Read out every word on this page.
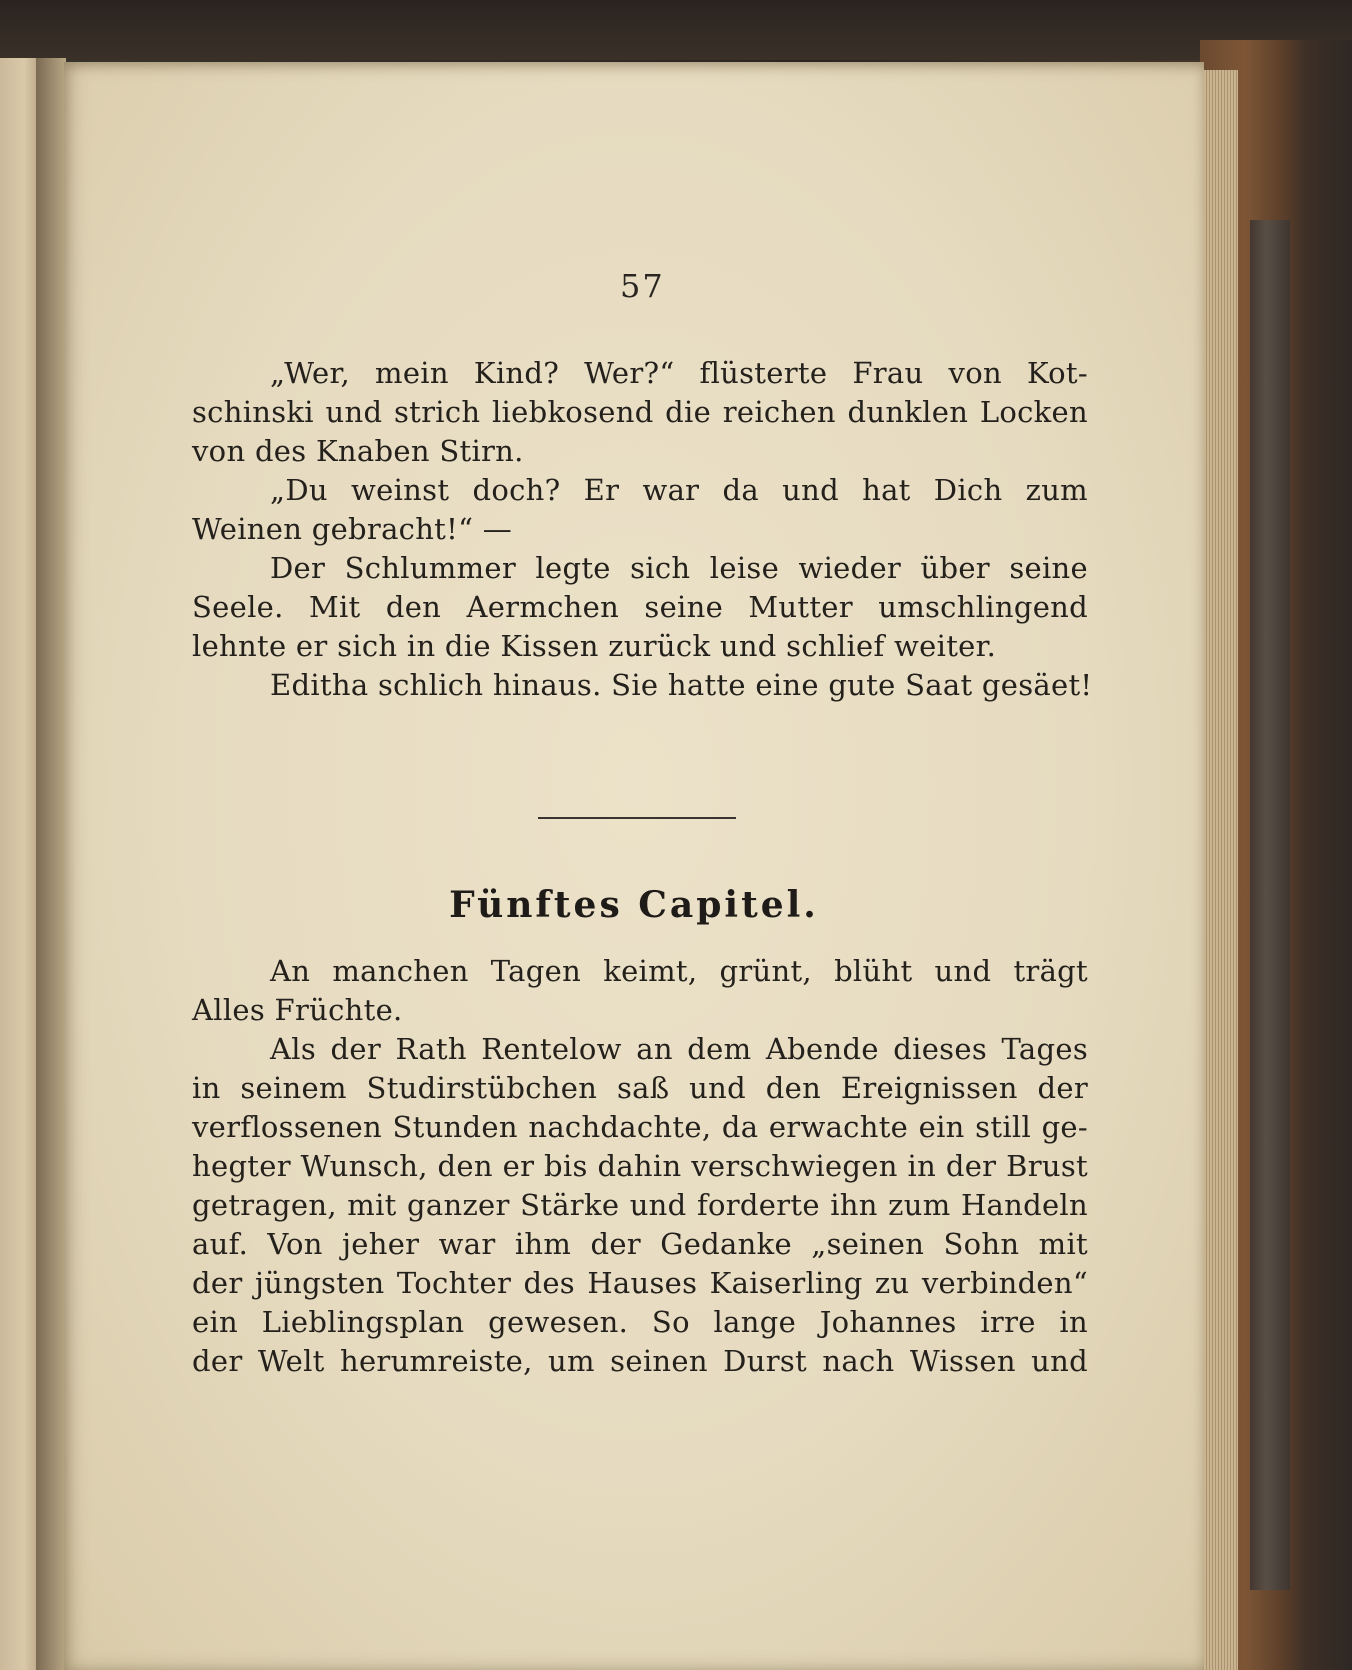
57
„Wer, mein Kind? Wer?“ flüsterte Frau von Kot-
schinski und strich liebkosend die reichen dunklen Locken
von des Knaben Stirn.
„Du weinst doch? Er war da und hat Dich zum
Weinen gebracht!“ —
Der Schlummer legte sich leise wieder über seine
Seele. Mit den Aermchen seine Mutter umschlingend
lehnte er sich in die Kissen zurück und schlief weiter.
Editha schlich hinaus. Sie hatte eine gute Saat gesäet!
Fünftes Capitel.
An manchen Tagen keimt, grünt, blüht und trägt
Alles Früchte.
Als der Rath Rentelow an dem Abende dieses Tages
in seinem Studirstübchen saß und den Ereignissen der
verflossenen Stunden nachdachte, da erwachte ein still ge-
hegter Wunsch, den er bis dahin verschwiegen in der Brust
getragen, mit ganzer Stärke und forderte ihn zum Handeln
auf. Von jeher war ihm der Gedanke „seinen Sohn mit
der jüngsten Tochter des Hauses Kaiserling zu verbinden“
ein Lieblingsplan gewesen. So lange Johannes irre in
der Welt herumreiste, um seinen Durst nach Wissen und
